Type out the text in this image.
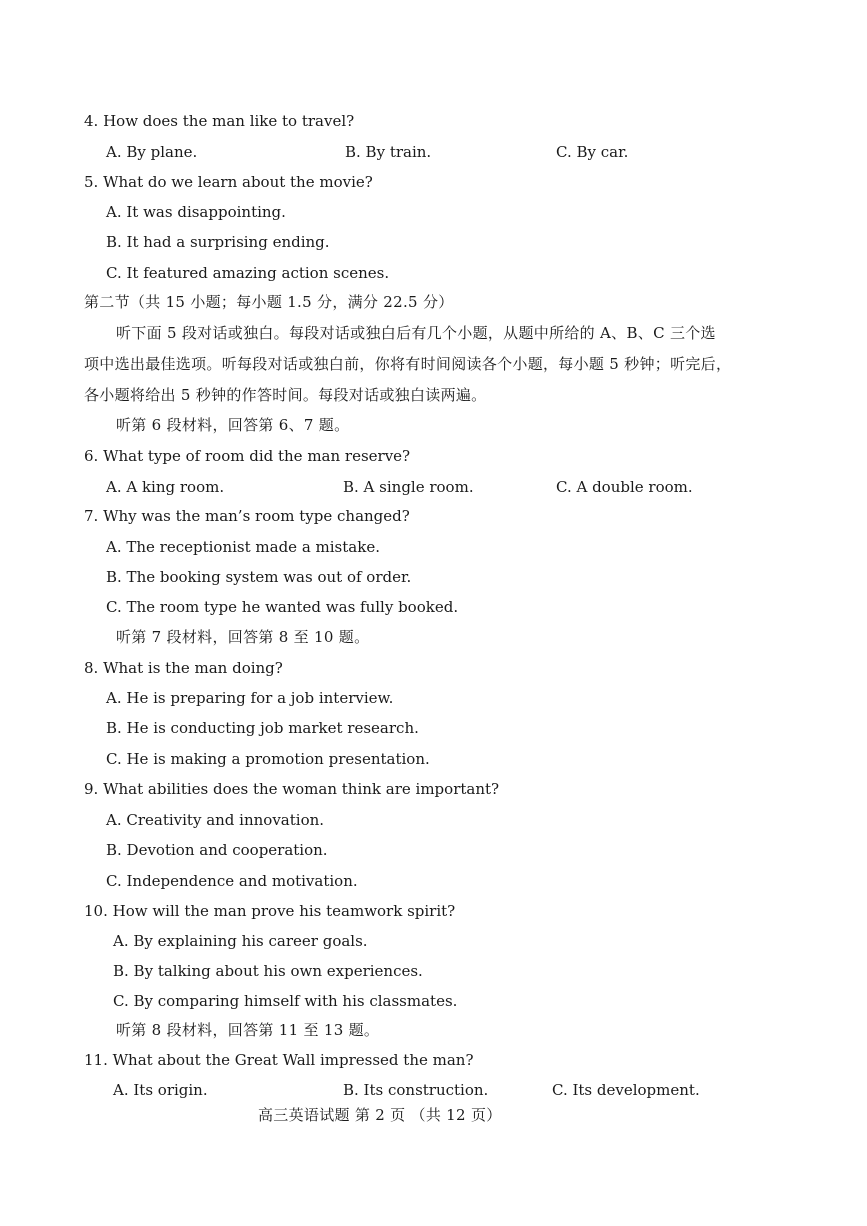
4. How does the man like to travel?
A. By plane.	B. By train.	C. By car.
5. What do we learn about the movie?
A. It was disappointing.
B. It had a surprising ending.
C. It featured amazing action scenes.
第二节（共 15 小题；每小题 1.5 分，满分 22.5 分）
听下面 5 段对话或独白。每段对话或独白后有几个小题，从题中所给的 A、B、C 三个选
项中选出最佳选项。听每段对话或独白前，你将有时间阅读各个小题，每小题 5 秒钟；听完后，
各小题将给出 5 秒钟的作答时间。每段对话或独白读两遍。
听第 6 段材料，回答第 6、7 题。
6. What type of room did the man reserve?
A. A king room.	B. A single room.	C. A double room.
7. Why was the man’s room type changed?
A. The receptionist made a mistake.
B. The booking system was out of order.
C. The room type he wanted was fully booked.
听第 7 段材料，回答第 8 至 10 题。
8. What is the man doing?
A. He is preparing for a job interview.
B. He is conducting job market research.
C. He is making a promotion presentation.
9. What abilities does the woman think are important?
A. Creativity and innovation.
B. Devotion and cooperation.
C. Independence and motivation.
10. How will the man prove his teamwork spirit?
A. By explaining his career goals.
B. By talking about his own experiences.
C. By comparing himself with his classmates.
听第 8 段材料，回答第 11 至 13 题。
11. What about the Great Wall impressed the man?
A. Its origin.	B. Its construction.	C. Its development.
高三英语试题 第 2 页 （共 12 页）
